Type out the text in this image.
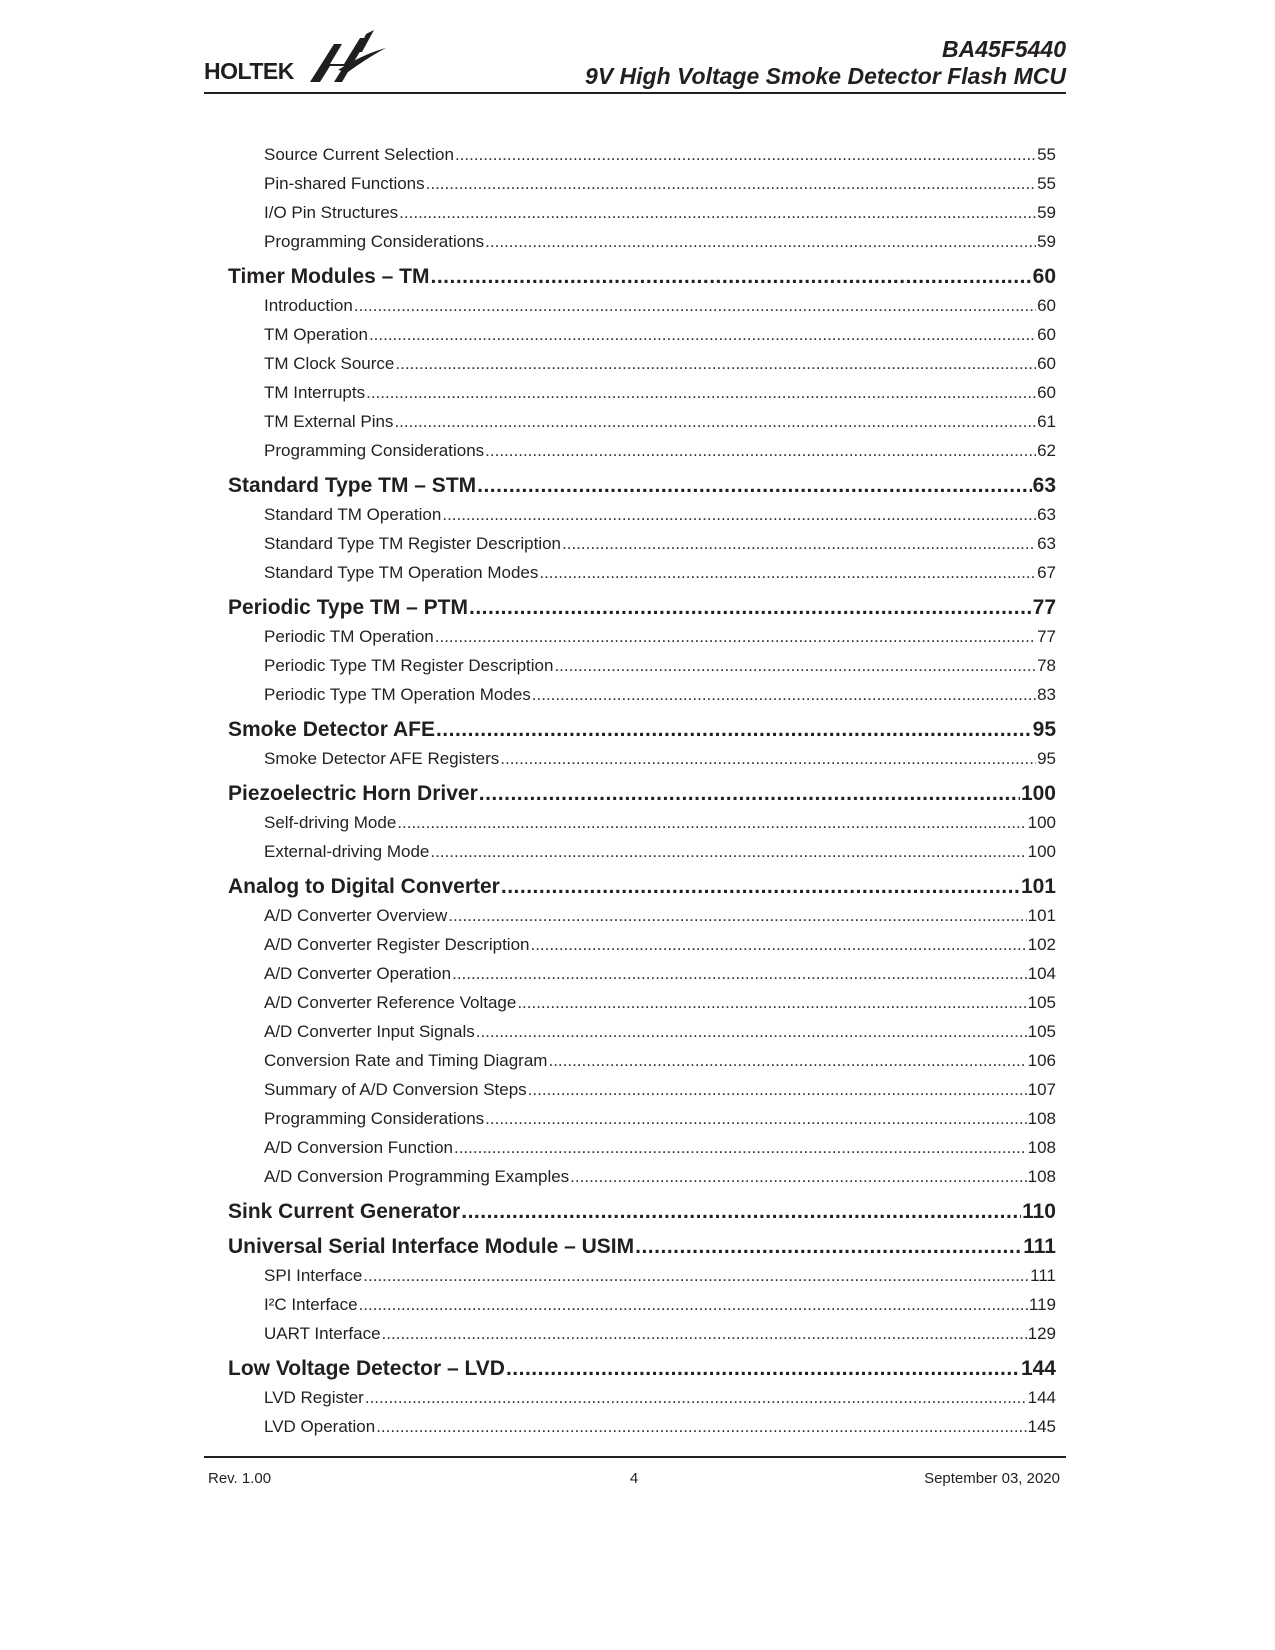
HOLTEK
BA45F5440
9V High Voltage Smoke Detector Flash MCU
Source Current Selection .....	55
Pin-shared Functions .....	55
I/O Pin Structures .....	59
Programming Considerations .....	59
Timer Modules – TM .....	60
Introduction .....	60
TM Operation .....	60
TM Clock Source .....	60
TM Interrupts .....	60
TM External Pins .....	61
Programming Considerations .....	62
Standard Type TM – STM .....	63
Standard TM Operation .....	63
Standard Type TM Register Description .....	63
Standard Type TM Operation Modes .....	67
Periodic Type TM – PTM .....	77
Periodic TM Operation .....	77
Periodic Type TM Register Description .....	78
Periodic Type TM Operation Modes .....	83
Smoke Detector AFE .....	95
Smoke Detector AFE Registers .....	95
Piezoelectric Horn Driver .....	100
Self-driving Mode .....	100
External-driving Mode .....	100
Analog to Digital Converter .....	101
A/D Converter Overview .....	101
A/D Converter Register Description .....	102
A/D Converter Operation .....	104
A/D Converter Reference Voltage .....	105
A/D Converter Input Signals .....	105
Conversion Rate and Timing Diagram .....	106
Summary of A/D Conversion Steps .....	107
Programming Considerations .....	108
A/D Conversion Function .....	108
A/D Conversion Programming Examples .....	108
Sink Current Generator .....	110
Universal Serial Interface Module – USIM .....	111
SPI Interface .....	111
I²C Interface .....	119
UART Interface .....	129
Low Voltage Detector – LVD .....	144
LVD Register .....	144
LVD Operation .....	145
Rev. 1.00	4	September 03, 2020
